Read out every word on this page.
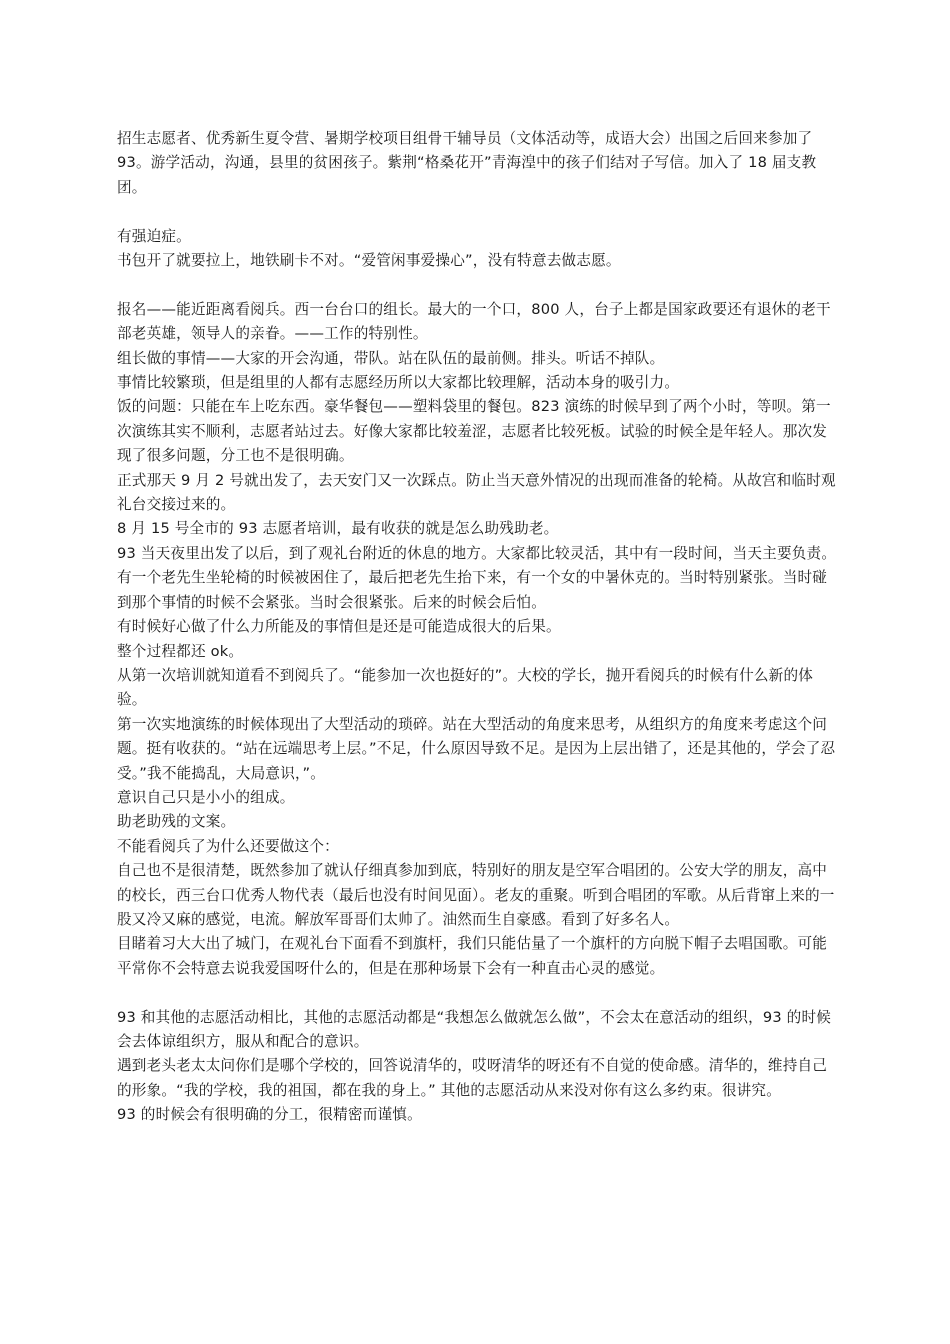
招生志愿者、优秀新生夏令营、暑期学校项目组骨干辅导员（文体活动等，成语大会）出国之后回来参加了 93。游学活动，沟通，县里的贫困孩子。紫荆“格桑花开”青海湟中的孩子们结对子写信。加入了 18 届支教团。

有强迫症。

书包开了就要拉上，地铁刷卡不对。“爱管闲事爱操心”，没有特意去做志愿。

报名——能近距离看阅兵。西一台台口的组长。最大的一个口，800 人，台子上都是国家政要还有退休的老干部老英雄，领导人的亲眷。——工作的特别性。

组长做的事情——大家的开会沟通，带队。站在队伍的最前侧。排头。听话不掉队。

事情比较繁琐，但是组里的人都有志愿经历所以大家都比较理解，活动本身的吸引力。

饭的问题：只能在车上吃东西。豪华餐包——塑料袋里的餐包。823 演练的时候早到了两个小时，等呗。第一次演练其实不顺利，志愿者站过去。好像大家都比较羞涩，志愿者比较死板。试验的时候全是年轻人。那次发现了很多问题，分工也不是很明确。

正式那天 9 月 2 号就出发了，去天安门又一次踩点。防止当天意外情况的出现而准备的轮椅。从故宫和临时观礼台交接过来的。

8 月 15 号全市的 93 志愿者培训，最有收获的就是怎么助残助老。

93 当天夜里出发了以后，到了观礼台附近的休息的地方。大家都比较灵活，其中有一段时间，当天主要负责。有一个老先生坐轮椅的时候被困住了，最后把老先生抬下来，有一个女的中暑休克的。当时特别紧张。当时碰到那个事情的时候不会紧张。当时会很紧张。后来的时候会后怕。

有时候好心做了什么力所能及的事情但是还是可能造成很大的后果。

整个过程都还 ok。

从第一次培训就知道看不到阅兵了。“能参加一次也挺好的”。大校的学长，抛开看阅兵的时候有什么新的体验。

第一次实地演练的时候体现出了大型活动的琐碎。站在大型活动的角度来思考，从组织方的角度来考虑这个问题。挺有收获的。“站在远端思考上层。”不足，什么原因导致不足。是因为上层出错了，还是其他的，学会了忍受。”我不能捣乱，大局意识，”。

意识自己只是小小的组成。

助老助残的文案。

不能看阅兵了为什么还要做这个：

自己也不是很清楚，既然参加了就认仔细真参加到底，特别好的朋友是空军合唱团的。公安大学的朋友，高中的校长，西三台口优秀人物代表（最后也没有时间见面）。老友的重聚。听到合唱团的军歌。从后背窜上来的一股又冷又麻的感觉，电流。解放军哥哥们太帅了。油然而生自豪感。看到了好多名人。

目睹着习大大出了城门，在观礼台下面看不到旗杆，我们只能估量了一个旗杆的方向脱下帽子去唱国歌。可能平常你不会特意去说我爱国呀什么的，但是在那种场景下会有一种直击心灵的感觉。

93 和其他的志愿活动相比，其他的志愿活动都是“我想怎么做就怎么做”，不会太在意活动的组织，93 的时候会去体谅组织方，服从和配合的意识。

遇到老头老太太问你们是哪个学校的，回答说清华的，哎呀清华的呀还有不自觉的使命感。清华的，维持自己的形象。“我的学校，我的祖国，都在我的身上。” 其他的志愿活动从来没对你有这么多约束。很讲究。

93 的时候会有很明确的分工，很精密而谨慎。
